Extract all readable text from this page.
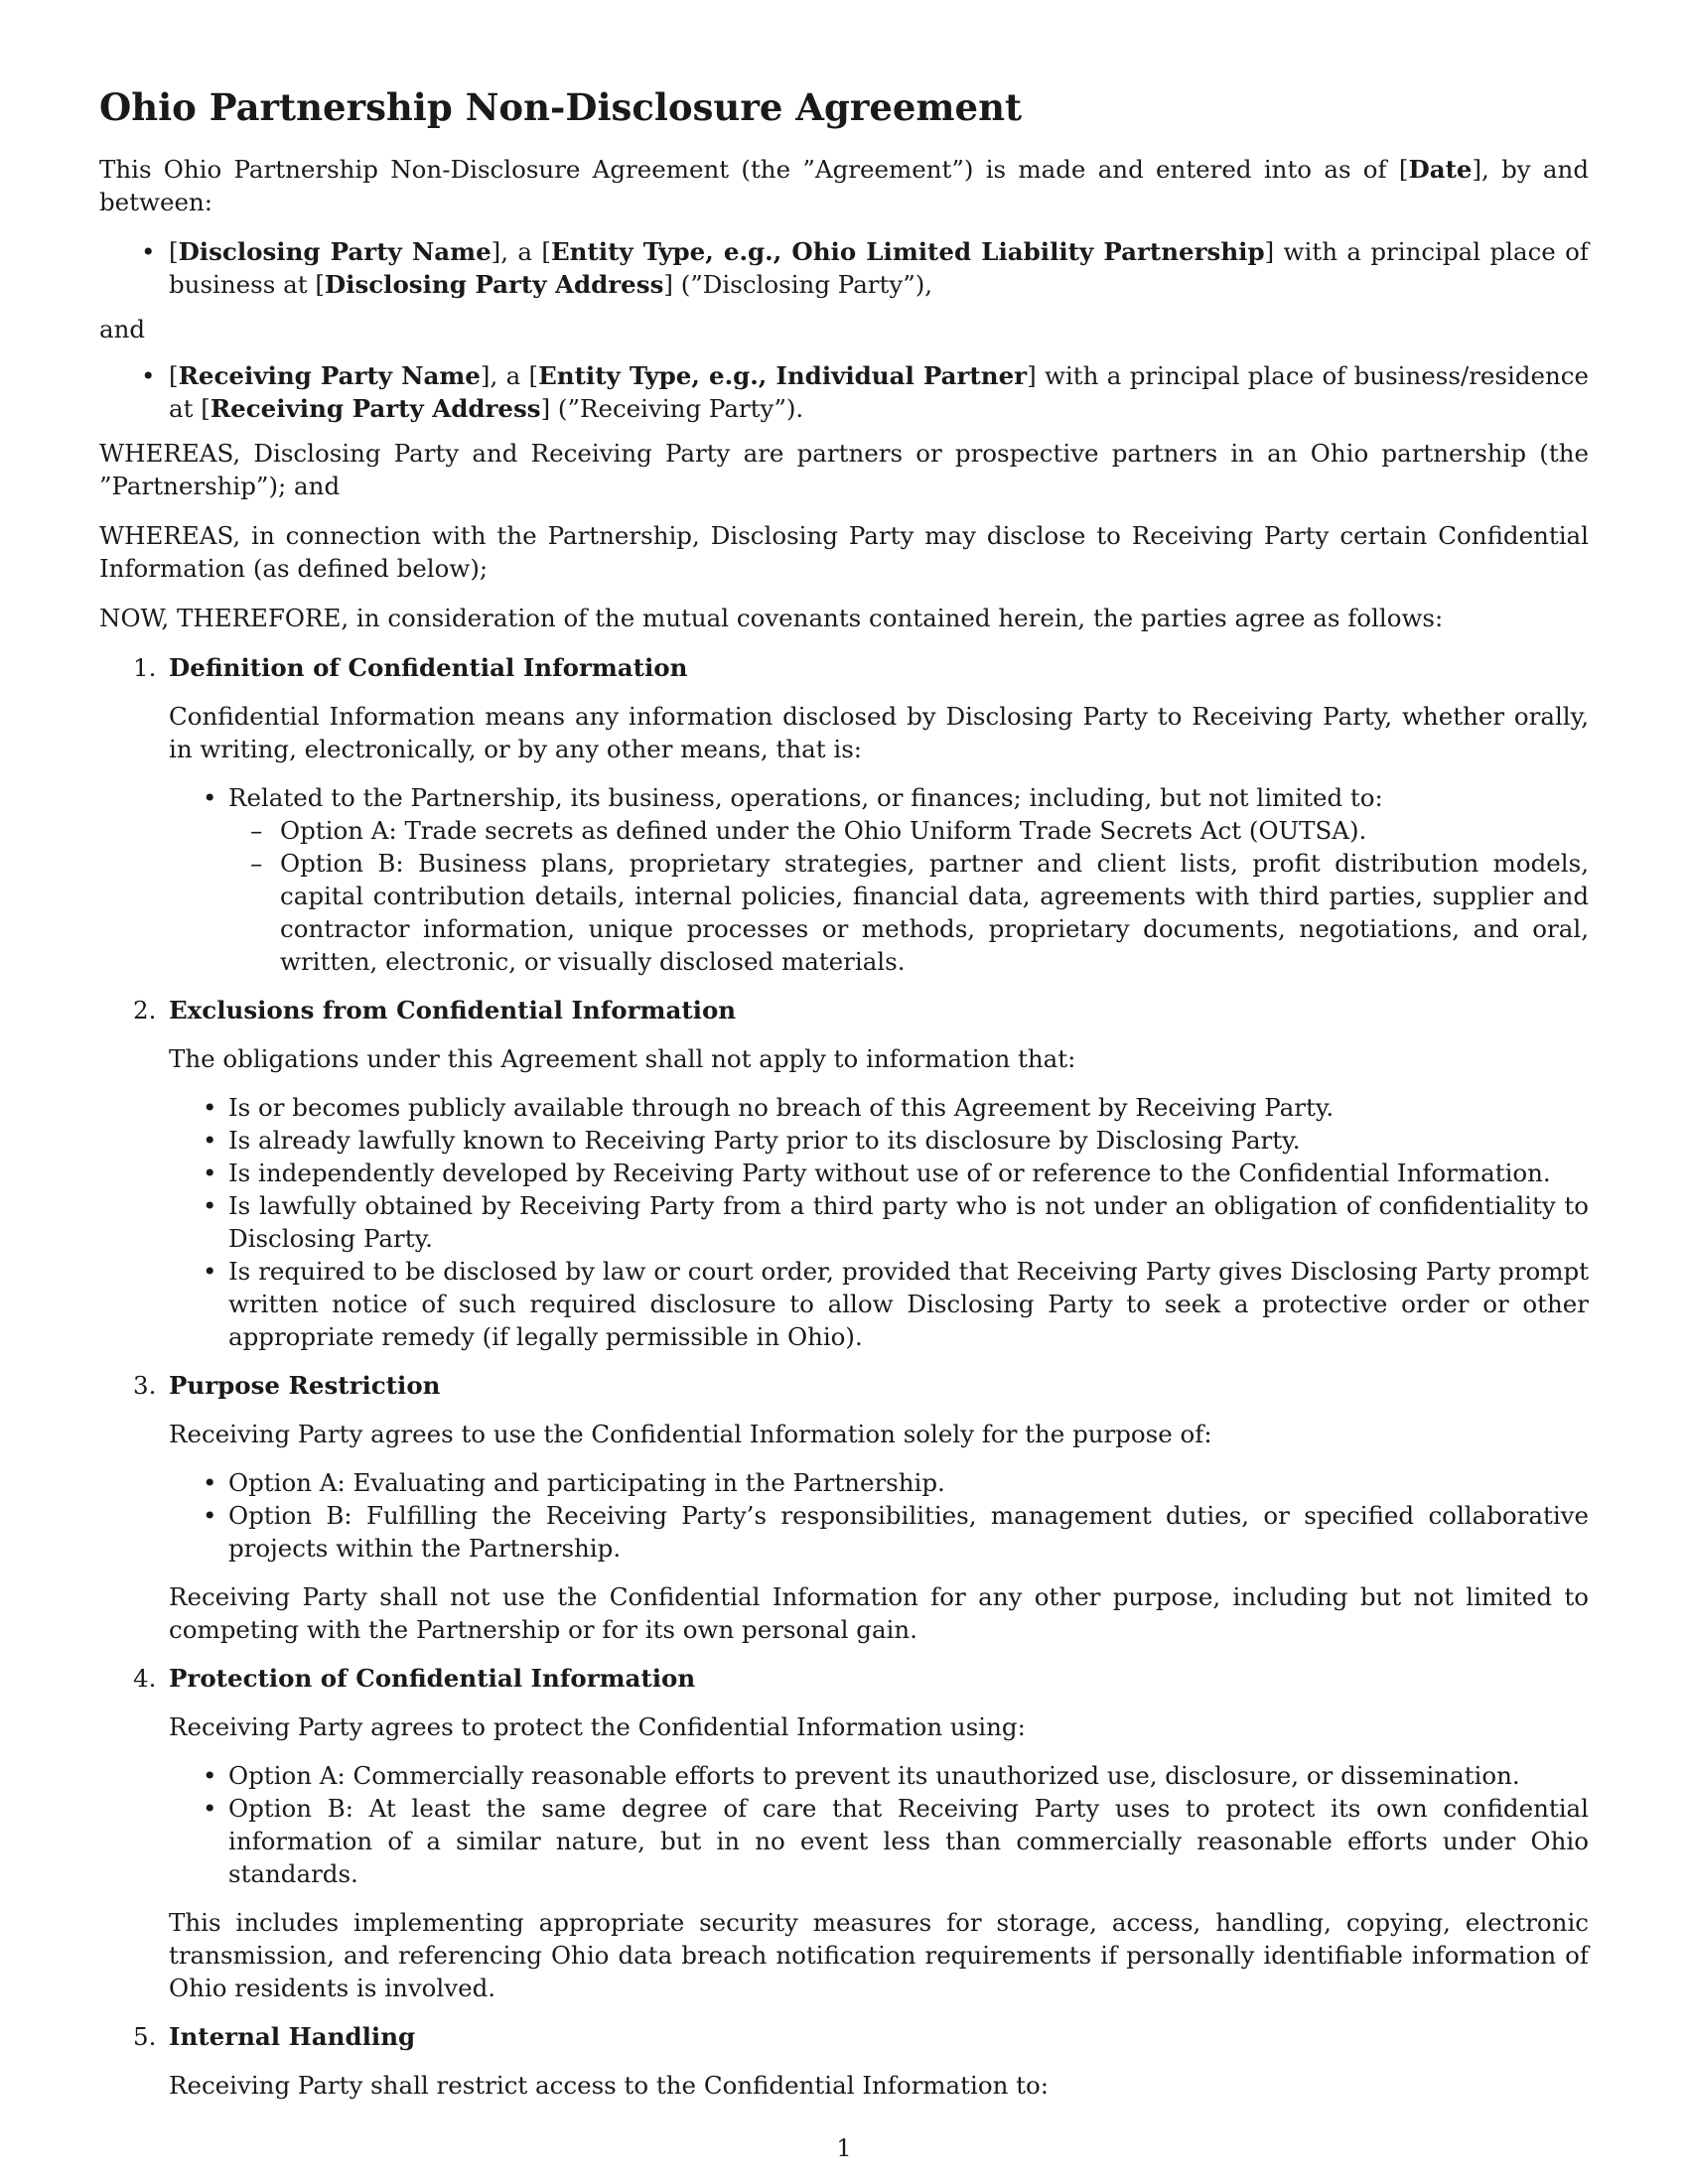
Ohio Partnership Non-Disclosure Agreement

This Ohio Partnership Non-Disclosure Agreement (the ”Agreement”) is made and entered into as of [Date], by and between:

• [Disclosing Party Name], a [Entity Type, e.g., Ohio Limited Liability Partnership] with a principal place of business at [Disclosing Party Address] (”Disclosing Party”),

and

• [Receiving Party Name], a [Entity Type, e.g., Individual Partner] with a principal place of business/residence at [Receiving Party Address] (”Receiving Party”).

WHEREAS, Disclosing Party and Receiving Party are partners or prospective partners in an Ohio partnership (the ”Partnership”); and

WHEREAS, in connection with the Partnership, Disclosing Party may disclose to Receiving Party certain Confidential Information (as defined below);

NOW, THEREFORE, in consideration of the mutual covenants contained herein, the parties agree as follows:

1. Definition of Confidential Information

Confidential Information means any information disclosed by Disclosing Party to Receiving Party, whether orally, in writing, electronically, or by any other means, that is:

• Related to the Partnership, its business, operations, or finances; including, but not limited to:
– Option A: Trade secrets as defined under the Ohio Uniform Trade Secrets Act (OUTSA).
– Option B: Business plans, proprietary strategies, partner and client lists, profit distribution models, capital contribution details, internal policies, financial data, agreements with third parties, supplier and contractor information, unique processes or methods, proprietary documents, negotiations, and oral, written, electronic, or visually disclosed materials.
2. Exclusions from Confidential Information

The obligations under this Agreement shall not apply to information that:

• Is or becomes publicly available through no breach of this Agreement by Receiving Party.
• Is already lawfully known to Receiving Party prior to its disclosure by Disclosing Party.
• Is independently developed by Receiving Party without use of or reference to the Confidential Information.
• Is lawfully obtained by Receiving Party from a third party who is not under an obligation of confidentiality to Disclosing Party.
• Is required to be disclosed by law or court order, provided that Receiving Party gives Disclosing Party prompt written notice of such required disclosure to allow Disclosing Party to seek a protective order or other appropriate remedy (if legally permissible in Ohio).
3. Purpose Restriction

Receiving Party agrees to use the Confidential Information solely for the purpose of:

• Option A: Evaluating and participating in the Partnership.
• Option B: Fulfilling the Receiving Party’s responsibilities, management duties, or specified collaborative projects within the Partnership.

Receiving Party shall not use the Confidential Information for any other purpose, including but not limited to competing with the Partnership or for its own personal gain.

4. Protection of Confidential Information

Receiving Party agrees to protect the Confidential Information using:

• Option A: Commercially reasonable efforts to prevent its unauthorized use, disclosure, or dissemination.
• Option B: At least the same degree of care that Receiving Party uses to protect its own confidential information of a similar nature, but in no event less than commercially reasonable efforts under Ohio standards.

This includes implementing appropriate security measures for storage, access, handling, copying, electronic transmission, and referencing Ohio data breach notification requirements if personally identifiable information of Ohio residents is involved.

5. Internal Handling

Receiving Party shall restrict access to the Confidential Information to:

1
